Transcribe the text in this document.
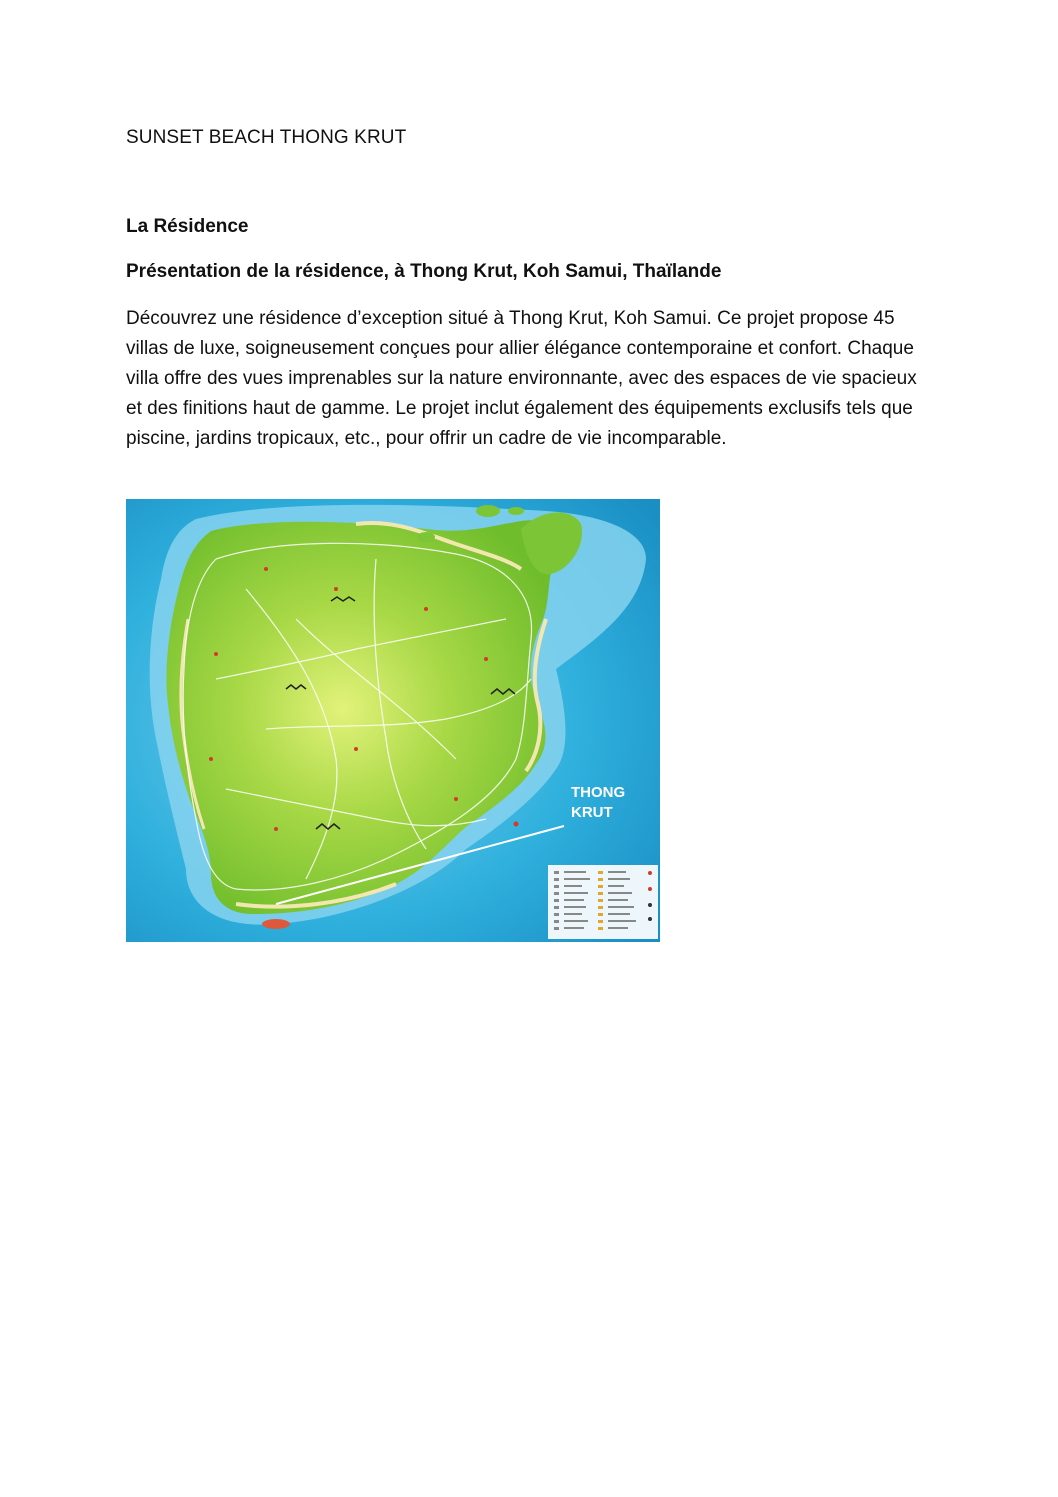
SUNSET BEACH THONG KRUT
La Résidence
Présentation de la résidence, à Thong Krut, Koh Samui, Thaïlande

Découvrez une résidence d’exception situé à Thong Krut, Koh Samui. Ce projet propose 45 villas de luxe, soigneusement conçues pour allier élégance contemporaine et confort. Chaque villa offre des vues imprenables sur la nature environnante, avec des espaces de vie spacieux et des finitions haut de gamme. Le projet inclut également des équipements exclusifs tels que piscine, jardins tropicaux, etc., pour offrir un cadre de vie incomparable.

THONG
KRUT
